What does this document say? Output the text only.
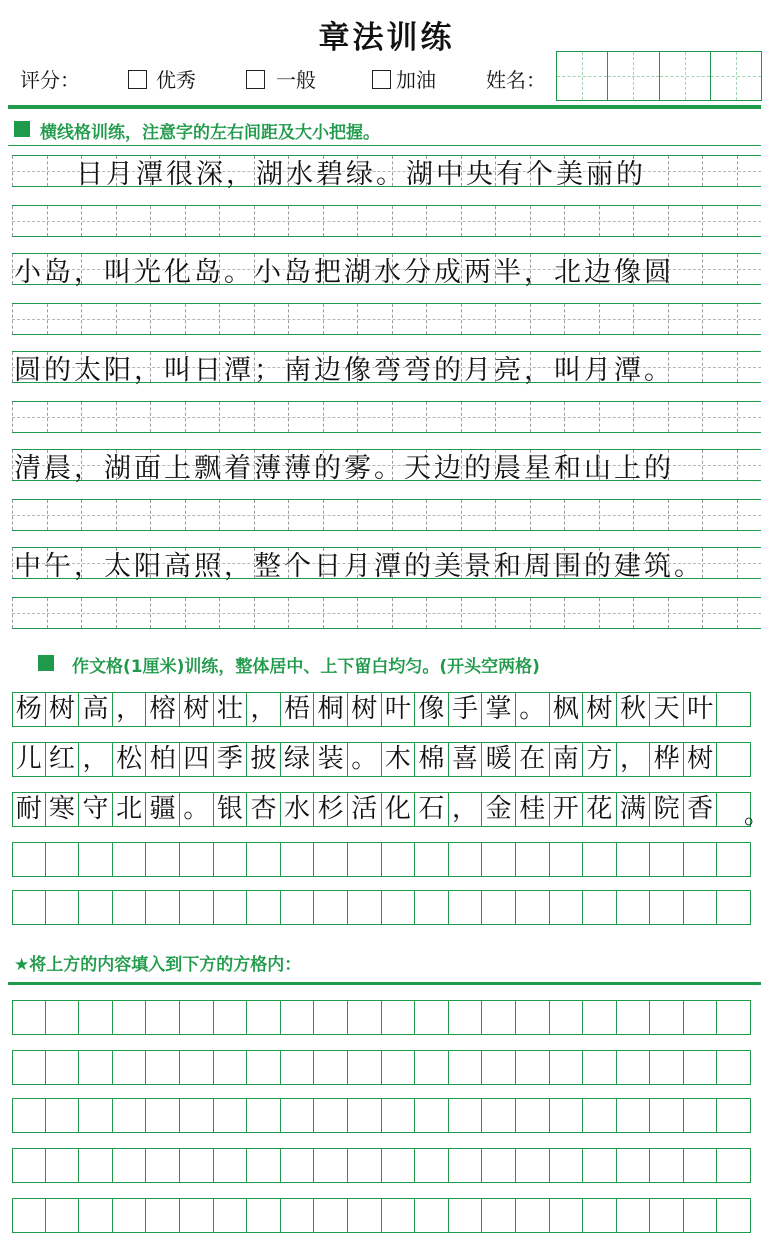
章法训练
评分：	优秀	一般	加油	姓名：
横线格训练，注意字的左右间距及大小把握。
日月潭很深，湖水碧绿。湖中央有个美丽的
小岛，叫光化岛。小岛把湖水分成两半，北边像圆
圆的太阳，叫日潭；南边像弯弯的月亮，叫月潭。
清晨，湖面上飘着薄薄的雾。天边的晨星和山上的
中午，太阳高照，整个日月潭的美景和周围的建筑。
作文格(1厘米)训练，整体居中、上下留白均匀。(开头空两格)
杨 树 高 ， 榕 树 壮 ， 梧 桐 树 叶 像 手 掌 。 枫 树 秋 天 叶
儿 红 ， 松 柏 四 季 披 绿 装 。 木 棉 喜 暖 在 南 方 ， 桦 树
耐 寒 守 北 疆 。 银 杏 水 杉 活 化 石 ， 金 桂 开 花 满 院 香 。
★将上方的内容填入到下方的方格内：
